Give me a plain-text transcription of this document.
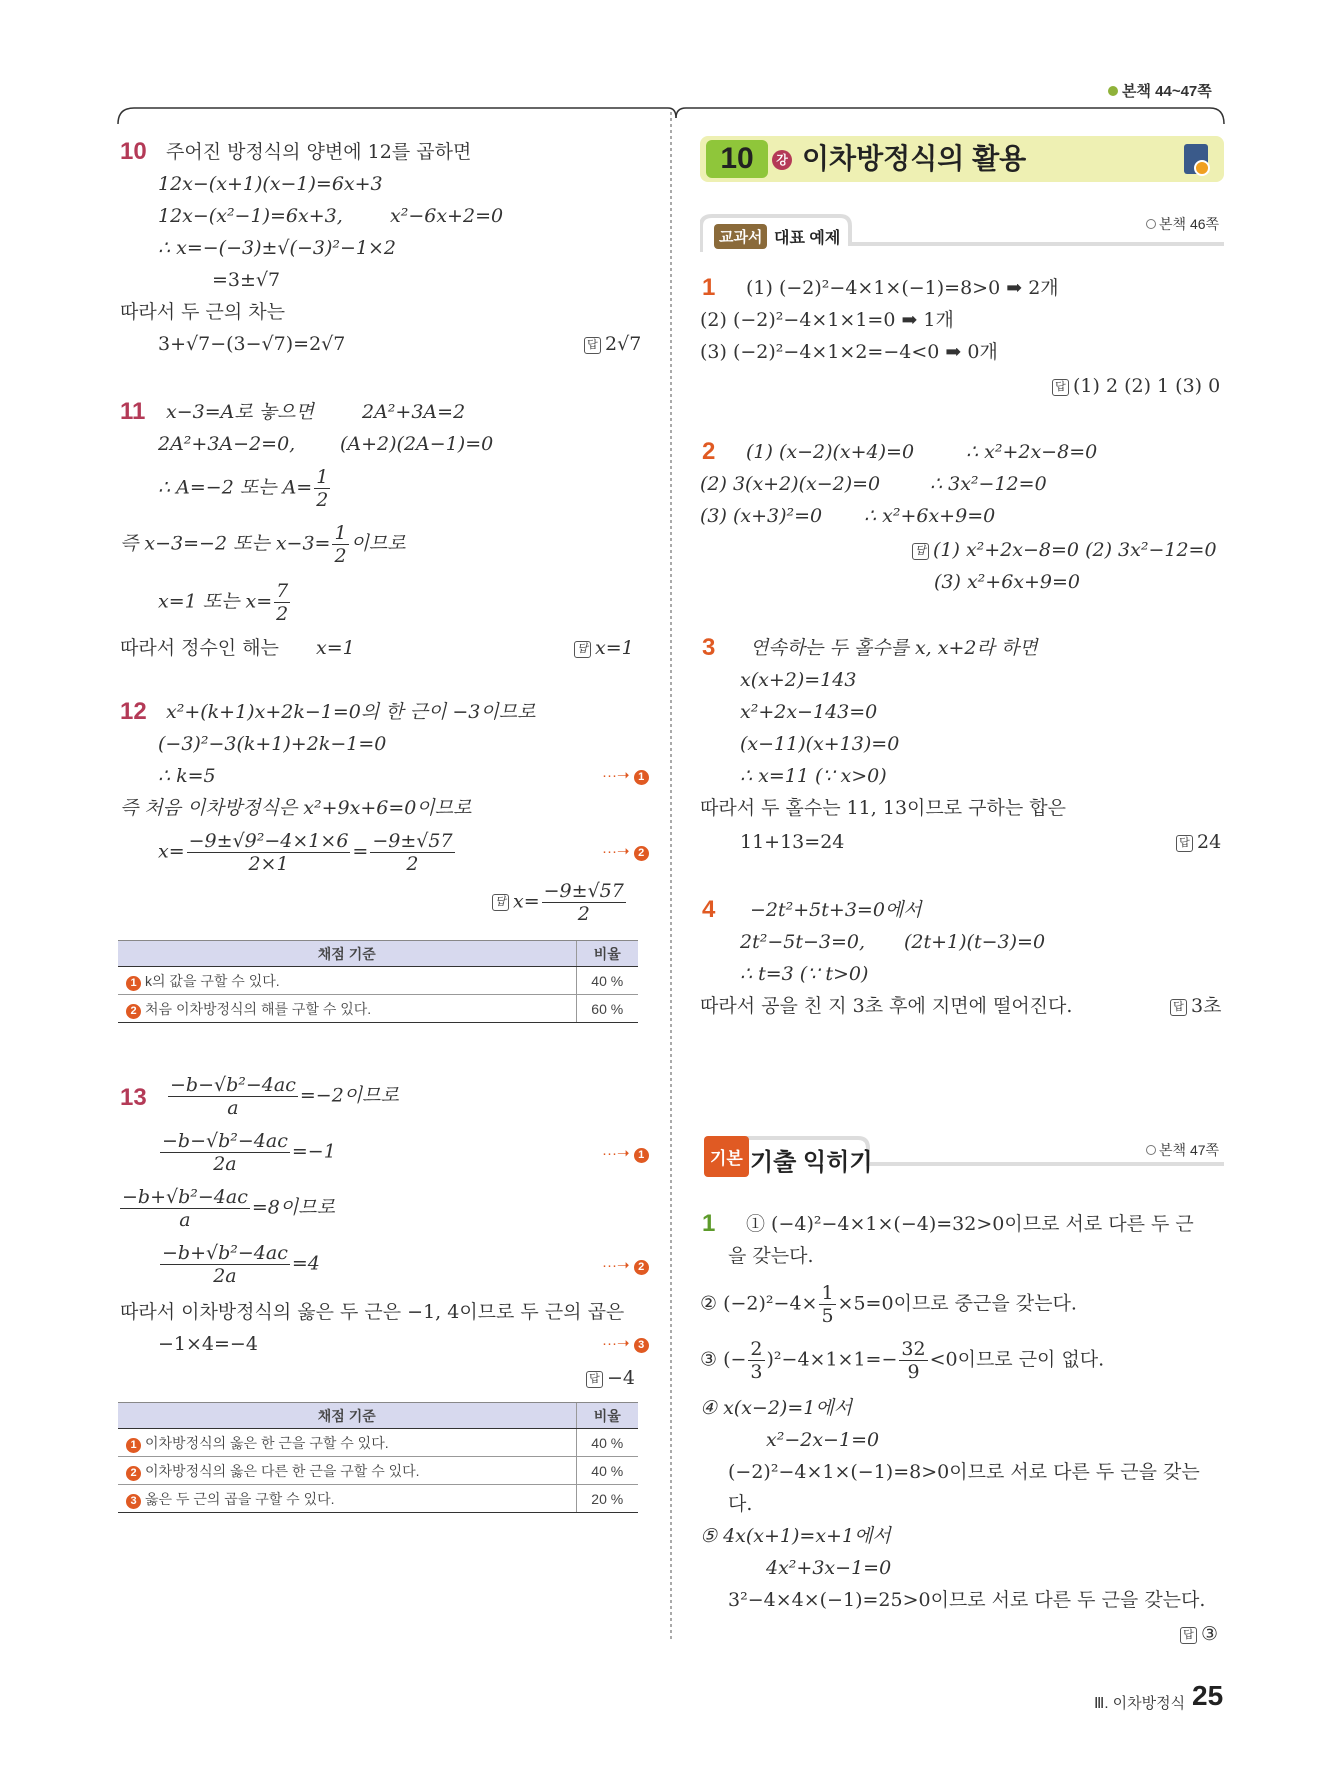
본책 44~47쪽
10 주어진 방정식의 양변에 12를 곱하면
12x−(x+1)(x−1)=6x+3
12x−(x²−1)=6x+3, x²−6x+2=0
∴ x=−(−3)±√(−3)²−1×2
=3±√7
따라서 두 근의 차는
3+√7−(3−√7)=2√7	답 2√7
11 x−3=A로 놓으면	2A²+3A=2
2A²+3A−2=0, (A+2)(2A−1)=0
∴ A=−2 또는 $A= \frac{1}{2}$
즉 x−3=−2 또는 $x-3= \frac{1}{2}$ 이므로
x=1 또는 $x= \frac{7}{2}$
따라서 정수인 해는 x=1	답 x=1
12 x²+(k+1)x+2k−1=0의 한 근이 −3이므로
(−3)²−3(k+1)+2k−1=0
∴ k=5	···➝ 1
즉 처음 이차방정식은 x²+9x+6=0이므로
$x= \frac{\text{−9±√9²−4×1×6}}{2\times 1} = \frac{-9\pm√57}{2}$	···➝ 2
답 $x= \frac{-9\pm√57}{2}$
채점 기준	비율
1 k의 값을 구할 수 있다.	40 %
2 처음 이차방정식의 해를 구할 수 있다.	60 %
$13 \frac{\text{−b−√b²−4ac}}{a} =-2$이므로
$\frac{\text{−b−√b²−4ac}}{2a} =-1$	···➝ 1
$\frac{\text{−b+√b²−4ac}}{a} =8$이므로
$\frac{\text{−b+√b²−4ac}}{2a} =4$	···➝ 2
따라서 이차방정식의 옳은 두 근은 −1, 4이므로 두 근의 곱은
−1×4=−4	···➝ 3
답 −4
채점 기준	비율
1 이차방정식의 옳은 한 근을 구할 수 있다.	40 %
2 이차방정식의 옳은 다른 한 근을 구할 수 있다.	40 %
3 옳은 두 근의 곱을 구할 수 있다.	20 %
10	강 이차방정식의 활용
교과서 대표 예제
본책 46쪽
1 (1) (−2)²−4×1×(−1)=8>0 ➡ 2개
(2) (−2)²−4×1×1=0 ➡ 1개
(3) (−2)²−4×1×2=−4<0 ➡ 0개
답 (1) 2 (2) 1 (3) 0
2 (1) (x−2)(x+4)=0	∴ x²+2x−8=0
(2) 3(x+2)(x−2)=0	∴ 3x²−12=0
(3) (x+3)²=0 ∴ x²+6x+9=0
답 (1) x²+2x−8=0 (2) 3x²−12=0
(3) x²+6x+9=0
3 연속하는 두 홀수를 x, x+2라 하면
x(x+2)=143
x²+2x−143=0
(x−11)(x+13)=0
∴ x=11 (∵ x>0)
따라서 두 홀수는 11, 13이므로 구하는 합은
11+13=24	답 24
4 −2t²+5t+3=0에서
2t²−5t−3=0, (2t+1)(t−3)=0
∴ t=3 (∵ t>0)
따라서 공을 친 지 3초 후에 지면에 떨어진다.	답 3초
기본 기출 익히기	본책 47쪽
1 ① (−4)²−4×1×(−4)=32>0이므로 서로 다른 두 근
을 갖는다.
② $(-2)^2-4\times \frac{1}{5} \times 5=0$이므로 중근을 갖는다.
③ (− $\frac{2}{3} )^2-4\times 1\times 1=- \frac{32}{9} <0$이므로 근이 없다.
④ x(x−2)=1에서
x²−2x−1=0
(−2)²−4×1×(−1)=8>0이므로 서로 다른 두 근을 갖는
다.
⑤ 4x(x+1)=x+1에서
4x²+3x−1=0
3²−4×4×(−1)=25>0이므로 서로 다른 두 근을 갖는다.
답 ③
Ⅲ. 이차방정식 25
